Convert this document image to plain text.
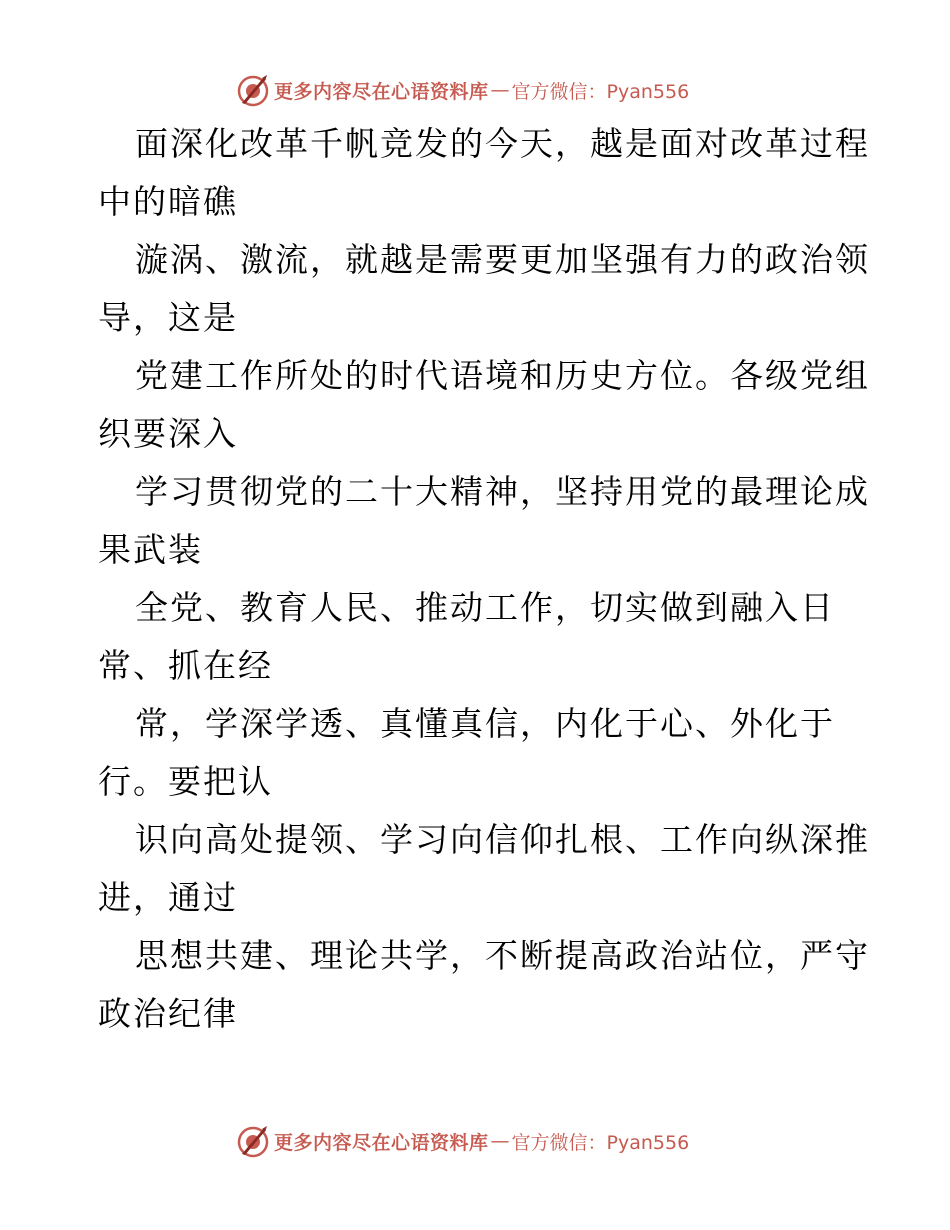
更多内容尽在心语资料库 — 官方微信：Pyan556
面深化改革千帆竞发的今天，越是面对改革过程
中的暗礁
漩涡、激流，就越是需要更加坚强有力的政治领
导，这是
党建工作所处的时代语境和历史方位。各级党组
织要深入
学习贯彻党的二十大精神，坚持用党的最理论成
果武装
全党、教育人民、推动工作，切实做到融入日
常、抓在经
常，学深学透、真懂真信，内化于心、外化于
行。要把认
识向高处提领、学习向信仰扎根、工作向纵深推
进，通过
思想共建、理论共学，不断提高政治站位，严守
政治纪律
更多内容尽在心语资料库 — 官方微信：Pyan556
